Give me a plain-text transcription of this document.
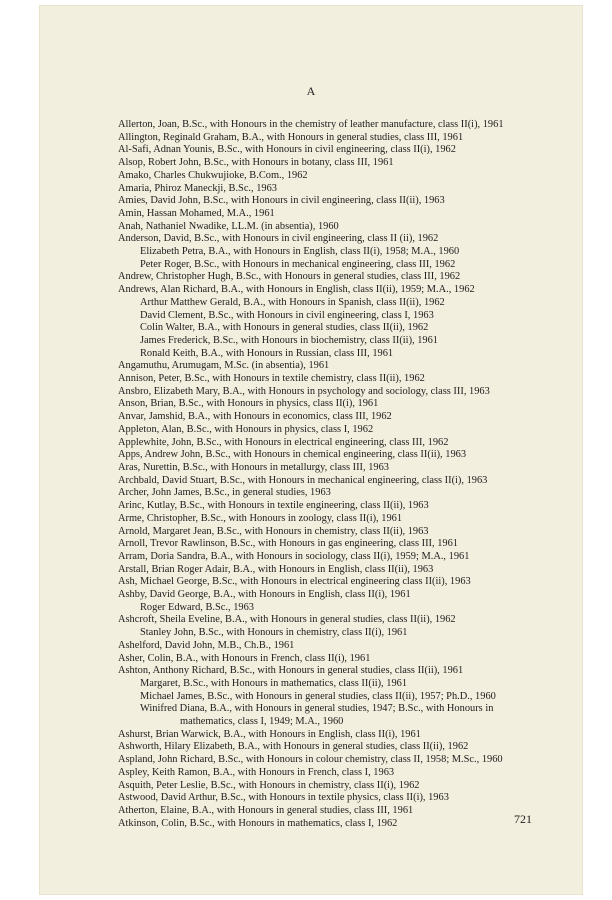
A
Allerton, Joan, B.Sc., with Honours in the chemistry of leather manufacture, class II(i), 1961
Allington, Reginald Graham, B.A., with Honours in general studies, class III, 1961
Al-Safi, Adnan Younis, B.Sc., with Honours in civil engineering, class II(i), 1962
Alsop, Robert John, B.Sc., with Honours in botany, class III, 1961
Amako, Charles Chukwujioke, B.Com., 1962
Amaria, Phiroz Maneckji, B.Sc., 1963
Amies, David John, B.Sc., with Honours in civil engineering, class II(ii), 1963
Amin, Hassan Mohamed, M.A., 1961
Anah, Nathaniel Nwadike, LL.M. (in absentia), 1960
Anderson, David, B.Sc., with Honours in civil engineering, class II (ii), 1962
Elizabeth Petra, B.A., with Honours in English, class II(i), 1958; M.A., 1960
Peter Roger, B.Sc., with Honours in mechanical engineering, class III, 1962
Andrew, Christopher Hugh, B.Sc., with Honours in general studies, class III, 1962
Andrews, Alan Richard, B.A., with Honours in English, class II(ii), 1959; M.A., 1962
Arthur Matthew Gerald, B.A., with Honours in Spanish, class II(ii), 1962
David Clement, B.Sc., with Honours in civil engineering, class I, 1963
Colin Walter, B.A., with Honours in general studies, class II(ii), 1962
James Frederick, B.Sc., with Honours in biochemistry, class II(ii), 1961
Ronald Keith, B.A., with Honours in Russian, class III, 1961
Angamuthu, Arumugam, M.Sc. (in absentia), 1961
Annison, Peter, B.Sc., with Honours in textile chemistry, class II(ii), 1962
Ansbro, Elizabeth Mary, B.A., with Honours in psychology and sociology, class III, 1963
Anson, Brian, B.Sc., with Honours in physics, class II(i), 1961
Anvar, Jamshid, B.A., with Honours in economics, class III, 1962
Appleton, Alan, B.Sc., with Honours in physics, class I, 1962
Applewhite, John, B.Sc., with Honours in electrical engineering, class III, 1962
Apps, Andrew John, B.Sc., with Honours in chemical engineering, class II(ii), 1963
Aras, Nurettin, B.Sc., with Honours in metallurgy, class III, 1963
Archbald, David Stuart, B.Sc., with Honours in mechanical engineering, class II(i), 1963
Archer, John James, B.Sc., in general studies, 1963
Arinc, Kutlay, B.Sc., with Honours in textile engineering, class II(ii), 1963
Arme, Christopher, B.Sc., with Honours in zoology, class II(i), 1961
Arnold, Margaret Jean, B.Sc., with Honours in chemistry, class II(ii), 1963
Arnoll, Trevor Rawlinson, B.Sc., with Honours in gas engineering, class III, 1961
Arram, Doria Sandra, B.A., with Honours in sociology, class II(i), 1959; M.A., 1961
Arstall, Brian Roger Adair, B.A., with Honours in English, class II(ii), 1963
Ash, Michael George, B.Sc., with Honours in electrical engineering class II(ii), 1963
Ashby, David George, B.A., with Honours in English, class II(i), 1961
Roger Edward, B.Sc., 1963
Ashcroft, Sheila Eveline, B.A., with Honours in general studies, class II(ii), 1962
Stanley John, B.Sc., with Honours in chemistry, class II(i), 1961
Ashelford, David John, M.B., Ch.B., 1961
Asher, Colin, B.A., with Honours in French, class II(i), 1961
Ashton, Anthony Richard, B.Sc., with Honours in general studies, class II(ii), 1961
Margaret, B.Sc., with Honours in mathematics, class II(ii), 1961
Michael James, B.Sc., with Honours in general studies, class II(ii), 1957; Ph.D., 1960
Winifred Diana, B.A., with Honours in general studies, 1947; B.Sc., with Honours in mathematics, class I, 1949; M.A., 1960
Ashurst, Brian Warwick, B.A., with Honours in English, class II(i), 1961
Ashworth, Hilary Elizabeth, B.A., with Honours in general studies, class II(ii), 1962
Aspland, John Richard, B.Sc., with Honours in colour chemistry, class II, 1958; M.Sc., 1960
Aspley, Keith Ramon, B.A., with Honours in French, class I, 1963
Asquith, Peter Leslie, B.Sc., with Honours in chemistry, class II(i), 1962
Astwood, David Arthur, B.Sc., with Honours in textile physics, class II(i), 1963
Atherton, Elaine, B.A., with Honours in general studies, class III, 1961
Atkinson, Colin, B.Sc., with Honours in mathematics, class I, 1962	721
